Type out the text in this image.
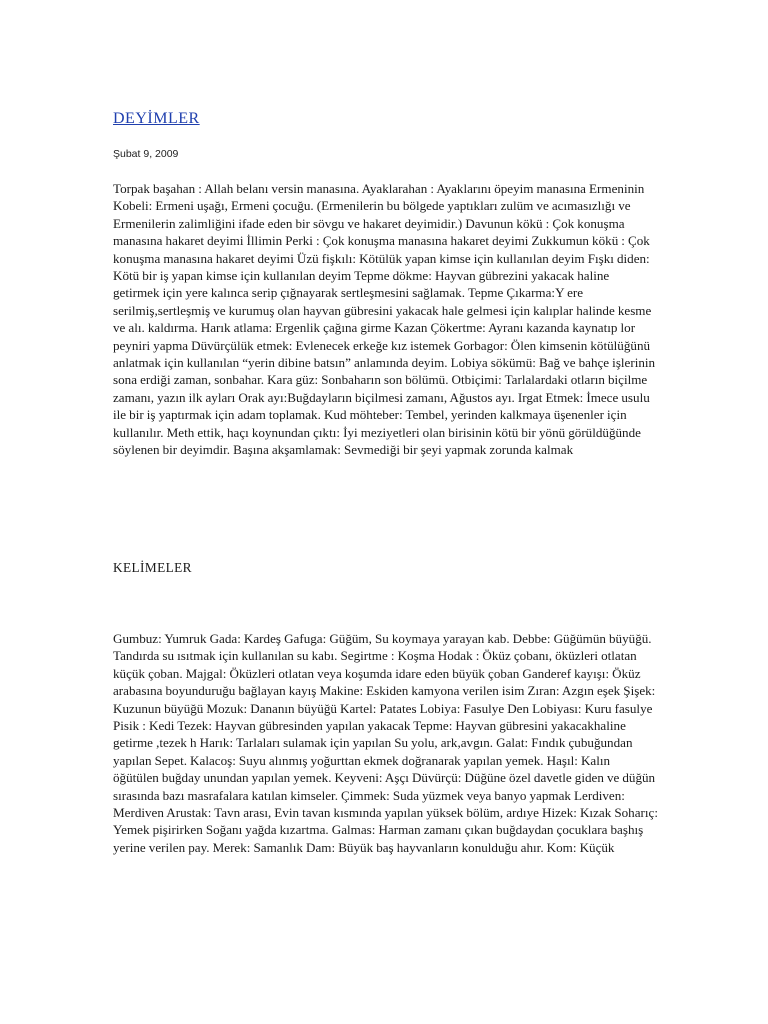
DEYİMLER
Şubat 9, 2009
Torpak başahan : Allah belanı versin manasına. Ayaklarahan : Ayaklarını öpeyim manasına Ermeninin Kobeli: Ermeni uşağı, Ermeni çocuğu. (Ermenilerin bu bölgede yaptıkları zulüm ve acımasızlığı ve Ermenilerin zalimliğini ifade eden bir sövgu ve hakaret deyimidir.) Davunun kökü : Çok konuşma manasına hakaret deyimi İllimin Perki : Çok konuşma manasına hakaret deyimi Zukkumun kökü : Çok konuşma manasına hakaret deyimi Üzü fişkılı: Kötülük yapan kimse için kullanılan deyim Fışkı diden: Kötü bir iş yapan kimse için kullanılan deyim Tepme dökme: Hayvan gübrezini yakacak haline getirmek için yere kalınca serip çığnayarak sertleşmesini sağlamak. Tepme Çıkarma:Y ere serilmiş,sertleşmiş ve kurumuş olan hayvan gübresini yakacak hale gelmesi için kalıplar halinde kesme ve alı. kaldırma. Harık atlama: Ergenlik çağına girme Kazan Çökertme: Ayranı kazanda kaynatıp lor peyniri yapma Düvürçülük etmek: Evlenecek erkeğe kız istemek Gorbagor: Ölen kimsenin kötülüğünü anlatmak için kullanılan “yerin dibine batsın” anlamında deyim. Lobiya sökümü: Bağ ve bahçe işlerinin sona erdiği zaman, sonbahar. Kara güz: Sonbaharın son bölümü. Otbiçimi: Tarlalardaki otların biçilme zamanı, yazın ilk ayları Orak ayı:Buğdayların biçilmesi zamanı, Ağustos ayı. Irgat Etmek: İmece usulu ile bir iş yaptırmak için adam toplamak. Kud möhteber: Tembel, yerinden kalkmaya üşenenler için kullanılır. Meth ettik, haçı koynundan çıktı: İyi meziyetleri olan birisinin kötü bir yönü görüldüğünde söylenen bir deyimdir. Başına akşamlamak: Sevmediği bir şeyi yapmak zorunda kalmak
KELİMELER
Gumbuz: Yumruk Gada: Kardeş Gafuga: Güğüm, Su koymaya yarayan kab. Debbe: Güğümün büyüğü. Tandırda su ısıtmak için kullanılan su kabı. Segirtme : Koşma Hodak : Öküz çobanı, öküzleri otlatan küçük çoban. Majgal: Öküzleri otlatan veya koşumda idare eden büyük çoban Ganderef kayışı: Öküz arabasına boyunduruğu bağlayan kayış Makine: Eskiden kamyona verilen isim Zıran: Azgın eşek Şişek: Kuzunun büyüğü Mozuk: Dananın büyüğü Kartel: Patates Lobiya: Fasulye Den Lobiyası: Kuru fasulye Pisik : Kedi Tezek: Hayvan gübresinden yapılan yakacak Tepme: Hayvan gübresini yakacakhaline getirme ,tezek h Harık: Tarlaları sulamak için yapılan Su yolu, ark,avgın. Galat: Fındık çubuğundan yapılan Sepet. Kalacoş: Suyu alınmış yoğurttan ekmek doğranarak yapılan yemek. Haşıl: Kalın öğütülen buğday unundan yapılan yemek. Keyveni: Aşçı Düvürçü: Düğüne özel davetle giden ve düğün sırasında bazı masrafalara katılan kimseler. Çimmek: Suda yüzmek veya banyo yapmak Lerdiven: Merdiven Arustak: Tavn arası, Evin tavan kısmında yapılan yüksek bölüm, ardıye Hizek: Kızak Soharıç: Yemek pişirirken Soğanı yağda kızartma. Galmas: Harman zamanı çıkan buğdaydan çocuklara başhış yerine verilen pay. Merek: Samanlık Dam: Büyük baş hayvanların konulduğu ahır. Kom: Küçük
